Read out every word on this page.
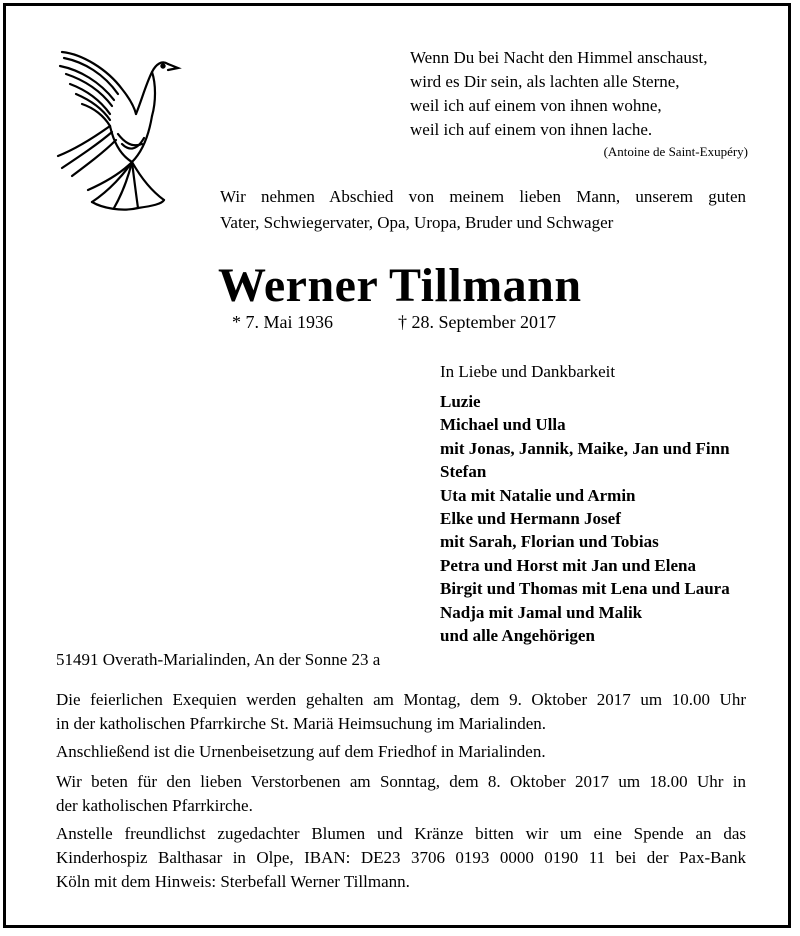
Wenn Du bei Nacht den Himmel anschaust,
wird es Dir sein, als lachten alle Sterne,
weil ich auf einem von ihnen wohne,
weil ich auf einem von ihnen lache.
(Antoine de Saint-Exupéry)
Wir nehmen Abschied von meinem lieben Mann, unserem guten
Vater, Schwiegervater, Opa, Uropa, Bruder und Schwager
Werner Tillmann
* 7. Mai 1936	† 28. September 2017
In Liebe und Dankbarkeit
Luzie
Michael und Ulla
mit Jonas, Jannik, Maike, Jan und Finn
Stefan
Uta mit Natalie und Armin
Elke und Hermann Josef
mit Sarah, Florian und Tobias
Petra und Horst mit Jan und Elena
Birgit und Thomas mit Lena und Laura
Nadja mit Jamal und Malik
und alle Angehörigen
51491 Overath-Marialinden, An der Sonne 23 a
Die feierlichen Exequien werden gehalten am Montag, dem 9. Oktober 2017 um 10.00 Uhr
in der katholischen Pfarrkirche St. Mariä Heimsuchung im Marialinden.
Anschließend ist die Urnenbeisetzung auf dem Friedhof in Marialinden.
Wir beten für den lieben Verstorbenen am Sonntag, dem 8. Oktober 2017 um 18.00 Uhr in
der katholischen Pfarrkirche.
Anstelle freundlichst zugedachter Blumen und Kränze bitten wir um eine Spende an das
Kinderhospiz Balthasar in Olpe, IBAN: DE23 3706 0193 0000 0190 11 bei der Pax-Bank
Köln mit dem Hinweis: Sterbefall Werner Tillmann.
